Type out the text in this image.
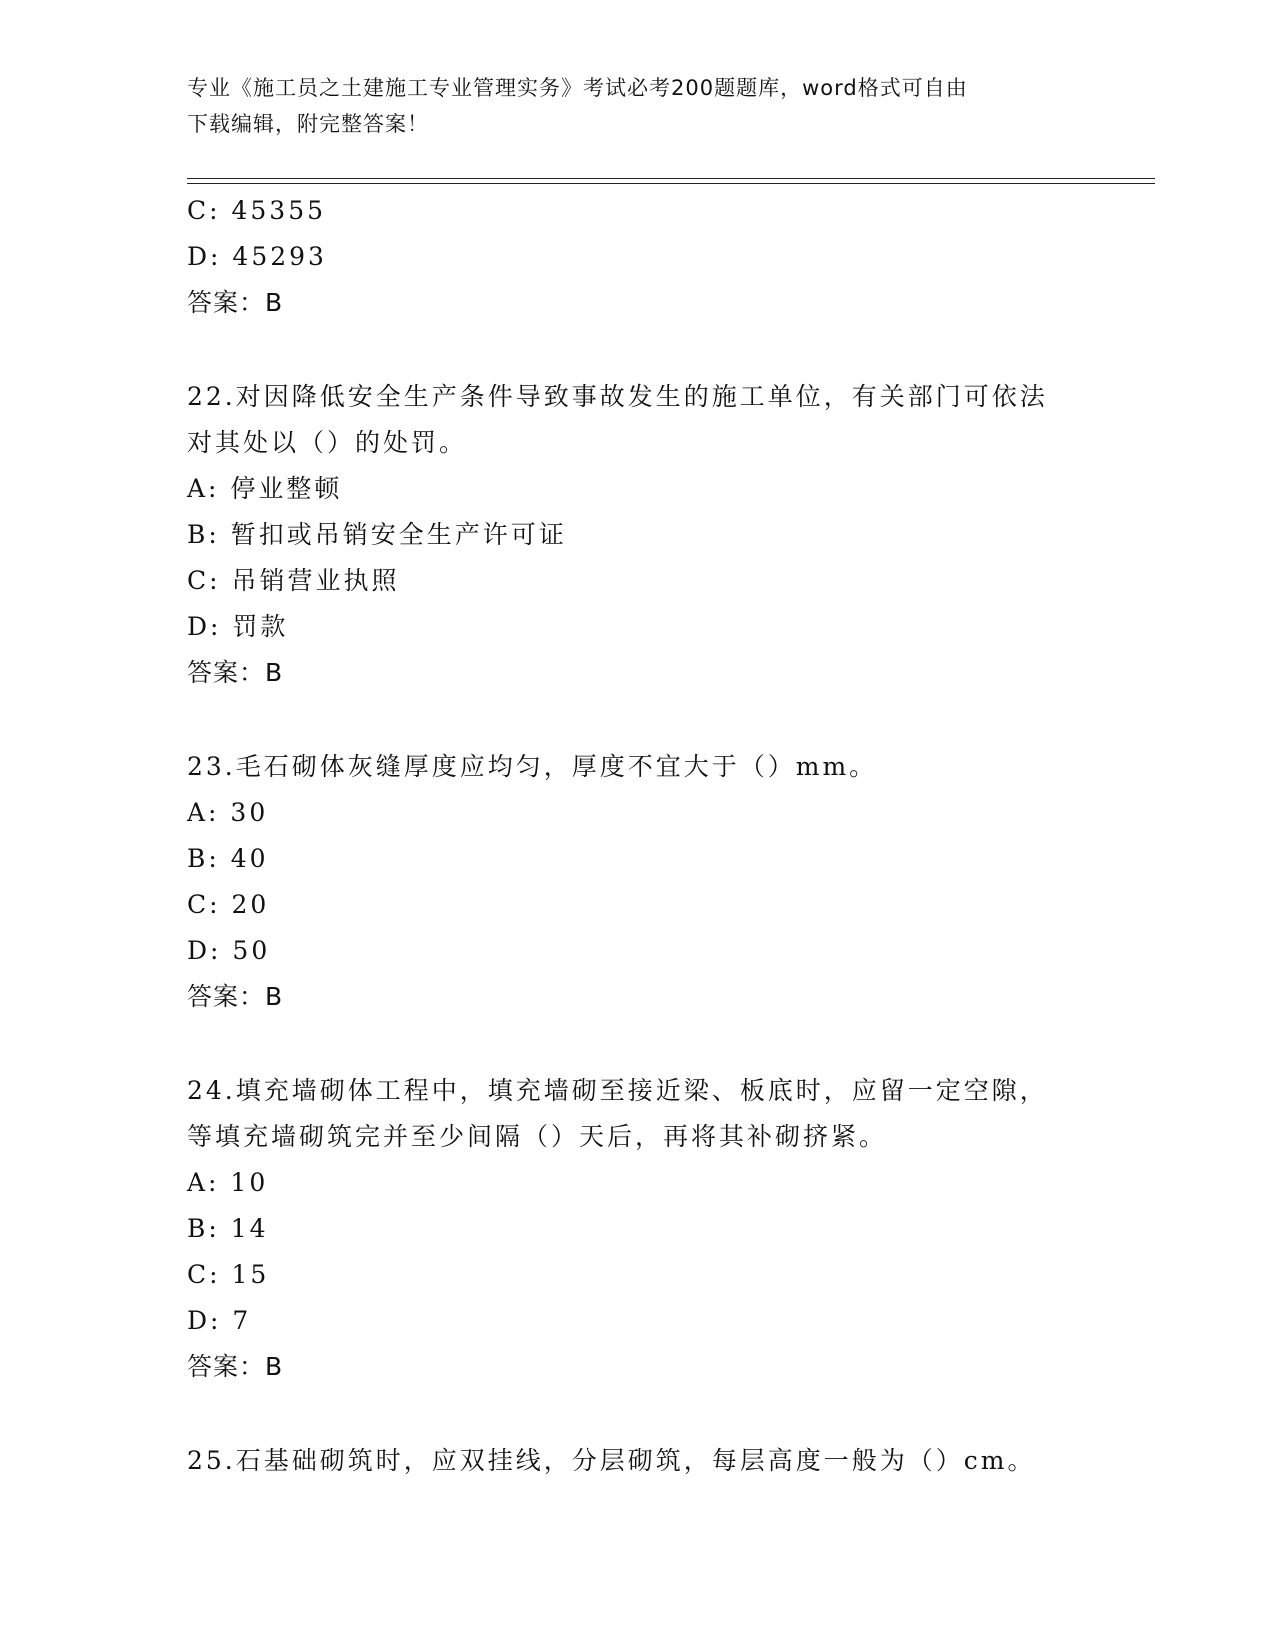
专业《施工员之土建施工专业管理实务》考试必考200题题库，word格式可自由
下载编辑，附完整答案！
C: 45355
D: 45293
答案：B
22.对因降低安全生产条件导致事故发生的施工单位，有关部门可依法
对其处以（）的处罚。
A: 停业整顿
B: 暂扣或吊销安全生产许可证
C: 吊销营业执照
D: 罚款
答案：B
23.毛石砌体灰缝厚度应均匀，厚度不宜大于（）mm。
A: 30
B: 40
C: 20
D: 50
答案：B
24.填充墙砌体工程中，填充墙砌至接近梁、板底时，应留一定空隙，
等填充墙砌筑完并至少间隔（）天后，再将其补砌挤紧。
A: 10
B: 14
C: 15
D: 7
答案：B
25.石基础砌筑时，应双挂线，分层砌筑，每层高度一般为（）cm。
